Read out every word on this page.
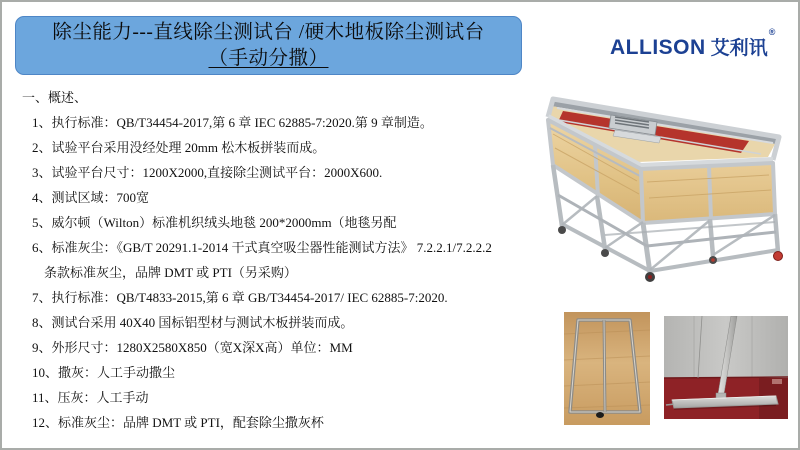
除尘能力---直线除尘测试台 /硬木地板除尘测试台
（手动分撒）	ALLISON 艾利讯®
一、概述、
1、执行标准：QB/T34454-2017,第 6 章 IEC 62885-7:2020.第 9 章制造。
2、试验平台采用没经处理 20mm 松木板拼装而成。
3、试验平台尺寸：1200X2000,直接除尘测试平台：2000X600.
4、测试区域：700宽
5、威尔顿（Wilton）标准机织绒头地毯 200*2000mm（地毯另配
6、标准灰尘：《GB/T 20291.1-2014 干式真空吸尘器性能测试方法》 7.2.2.1/7.2.2.2
条款标准灰尘，品牌 DMT 或 PTI（另采购）
7、执行标准：QB/T4833-2015,第 6 章 GB/T34454-2017/ IEC 62885-7:2020.
8、测试台采用 40X40 国标铝型材与测试木板拼装而成。
9、外形尺寸：1280X2580X850（宽X深X高）单位：MM
10、撒灰：人工手动撒尘
11、压灰：人工手动
12、标准灰尘：品牌 DMT 或 PTI，配套除尘撒灰杯
